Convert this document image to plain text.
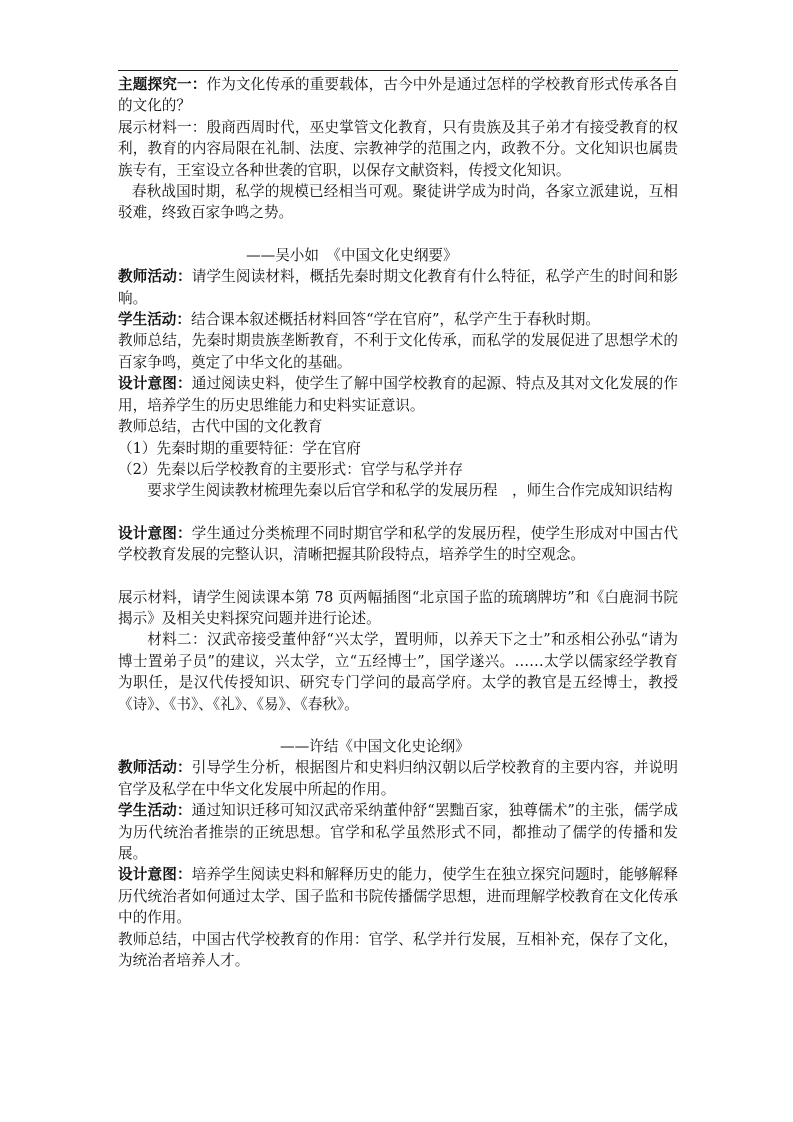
主题探究一：作为文化传承的重要载体，古今中外是通过怎样的学校教育形式传承各自的文化的？

展示材料一：殷商西周时代，巫史掌管文化教育，只有贵族及其子弟才有接受教育的权利，教育的内容局限在礼制、法度、宗教神学的范围之内，政教不分。文化知识也属贵族专有，王室设立各种世袭的官职，以保存文献资料，传授文化知识。

春秋战国时期，私学的规模已经相当可观。聚徒讲学成为时尚，各家立派建说，互相驳难，终致百家争鸣之势。

——吴小如　《中国文化史纲要》

教师活动：请学生阅读材料，概括先秦时期文化教育有什么特征，私学产生的时间和影响。

学生活动：结合课本叙述概括材料回答“学在官府”，私学产生于春秋时期。

教师总结，先秦时期贵族垄断教育，不利于文化传承，而私学的发展促进了思想学术的百家争鸣，奠定了中华文化的基础。

设计意图：通过阅读史料，使学生了解中国学校教育的起源、特点及其对文化发展的作用，培养学生的历史思维能力和史料实证意识。

教师总结，古代中国的文化教育

（1）先秦时期的重要特征：学在官府

（2）先秦以后学校教育的主要形式：官学与私学并存

要求学生阅读教材梳理先秦以后官学和私学的发展历程　，师生合作完成知识结构

设计意图：学生通过分类梳理不同时期官学和私学的发展历程，使学生形成对中国古代学校教育发展的完整认识，清晰把握其阶段特点，培养学生的时空观念。

展示材料，请学生阅读课本第 78 页两幅插图“北京国子监的琉璃牌坊”和《白鹿洞书院揭示》及相关史料探究问题并进行论述。

材料二：汉武帝接受董仲舒“兴太学，置明师，以养天下之士”和丞相公孙弘“请为博士置弟子员”的建议，兴太学，立“五经博士”，国学遂兴。……太学以儒家经学教育为职任，是汉代传授知识、研究专门学问的最高学府。太学的教官是五经博士，教授《诗》、《书》、《礼》、《易》、《春秋》。

——许结《中国文化史论纲》

教师活动：引导学生分析，根据图片和史料归纳汉朝以后学校教育的主要内容，并说明官学及私学在中华文化发展中所起的作用。

学生活动：通过知识迁移可知汉武帝采纳董仲舒“罢黜百家，独尊儒术”的主张，儒学成为历代统治者推崇的正统思想。官学和私学虽然形式不同，都推动了儒学的传播和发展。

设计意图：培养学生阅读史料和解释历史的能力，使学生在独立探究问题时，能够解释历代统治者如何通过太学、国子监和书院传播儒学思想，进而理解学校教育在文化传承中的作用。

教师总结，中国古代学校教育的作用：官学、私学并行发展，互相补充，保存了文化，为统治者培养人才。
